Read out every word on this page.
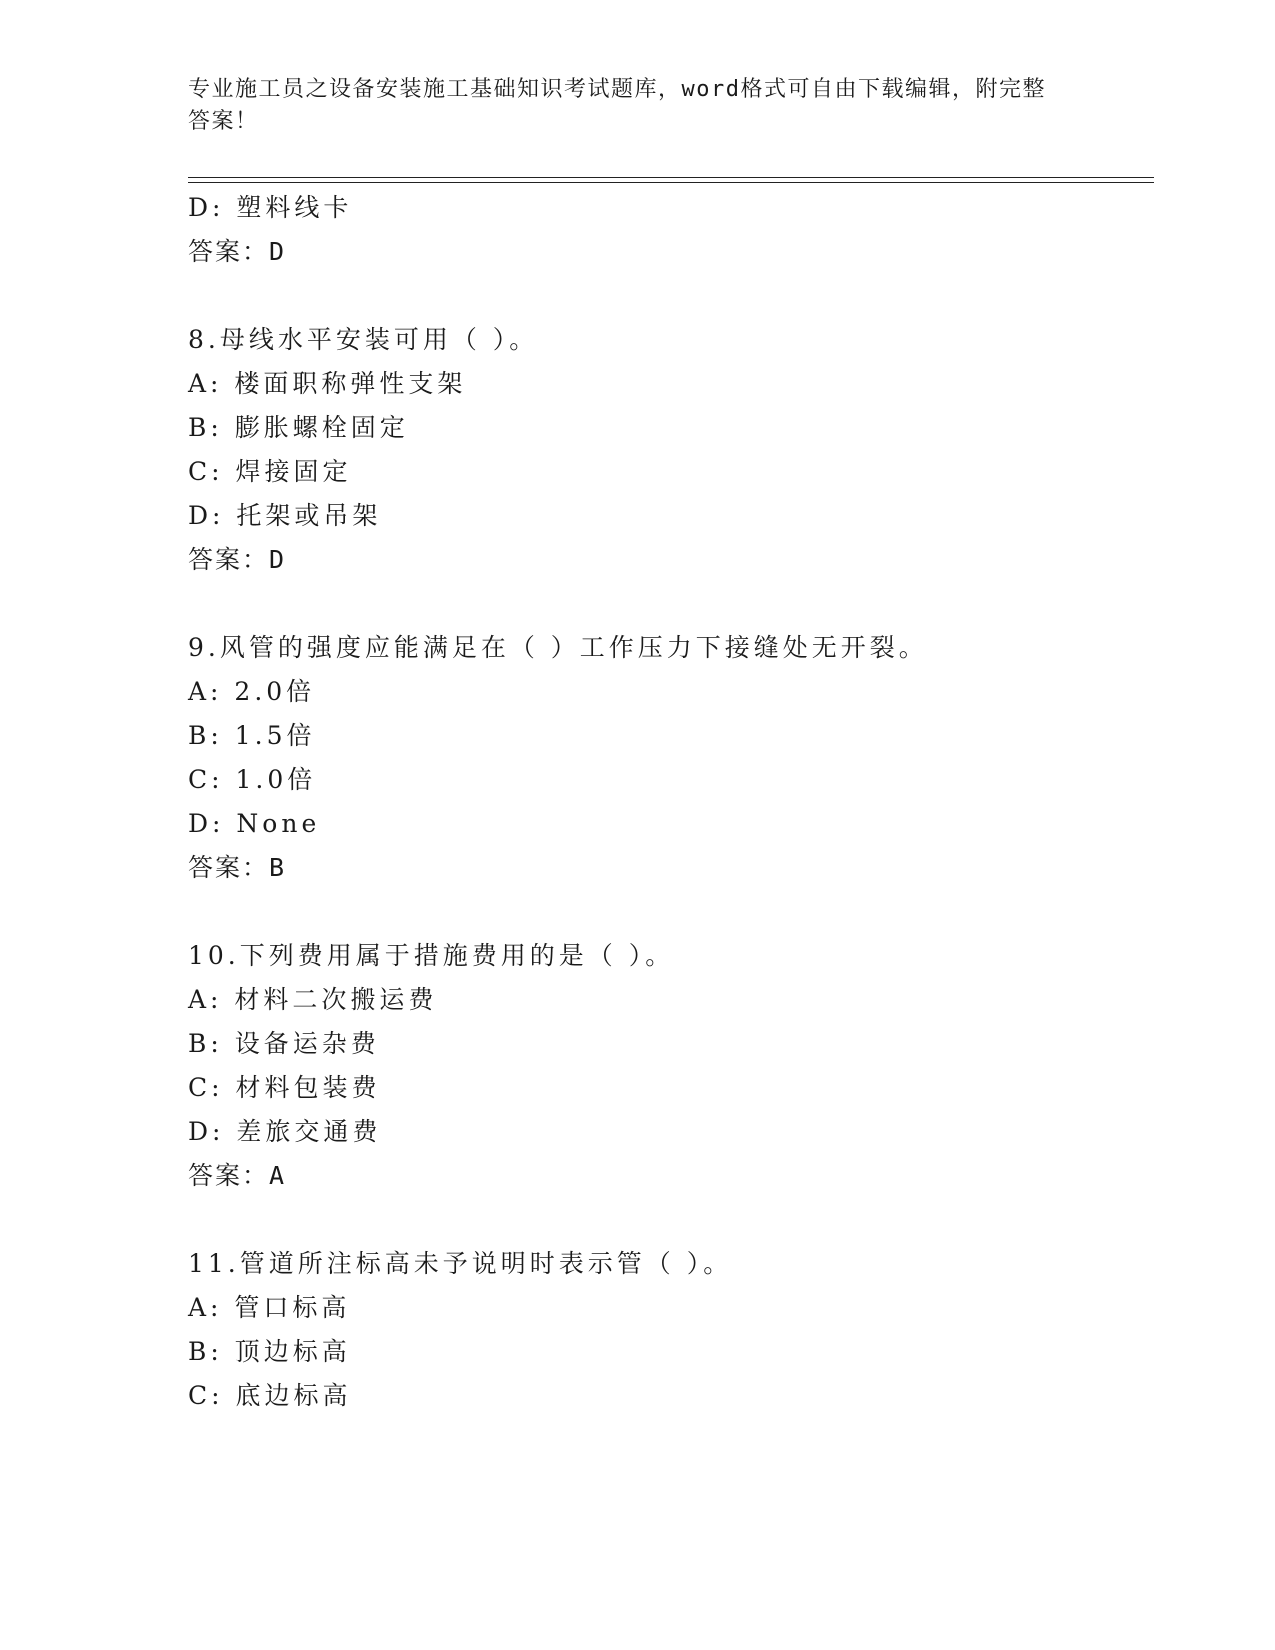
专业施工员之设备安装施工基础知识考试题库，word格式可自由下载编辑，附完整答案！
D: 塑料线卡
答案：D
8.母线水平安装可用（ ）。
A: 楼面职称弹性支架
B: 膨胀螺栓固定
C: 焊接固定
D: 托架或吊架
答案：D
9.风管的强度应能满足在（ ）工作压力下接缝处无开裂。
A: 2.0倍
B: 1.5倍
C: 1.0倍
D: None
答案：B
10.下列费用属于措施费用的是（ ）。
A: 材料二次搬运费
B: 设备运杂费
C: 材料包装费
D: 差旅交通费
答案：A
11.管道所注标高未予说明时表示管（ ）。
A: 管口标高
B: 顶边标高
C: 底边标高
